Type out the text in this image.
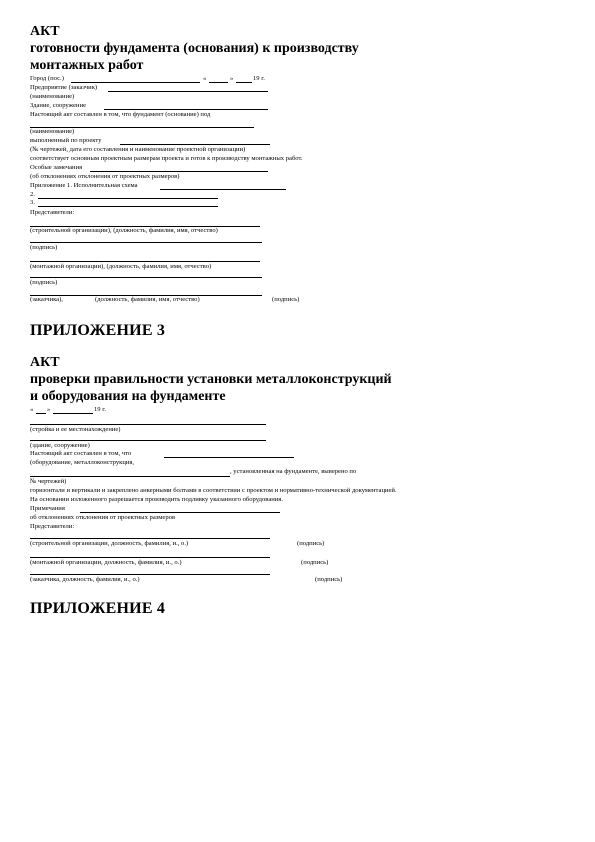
АКТ
готовности фундамента (основания) к производству
монтажных работ
Город (пос.)	«	»	19 г.
Предприятие (заказчик)
(наименование)
Здание, сооружение
Настоящий акт составлен в том, что фундамент (основание) под
(наименование)
выполненный по проекту
(№ чертежей, дата его составления и наименование проектной организации)
соответствует основным проектным размерам проекта и готов к производству монтажных работ.
Особые замечания
(об отклонениях отклонения от проектных размеров)
Приложение 1. Исполнительная схема
2.
3.
Представители:
(строительной организации), (должность, фамилия, имя, отчество)
(подпись)
(монтажной организации), (должность, фамилия, имя, отчество)
(подпись)
(заказчика),	(должность, фамилия, имя, отчество)	(подпись)
ПРИЛОЖЕНИЕ 3
АКТ
проверки правильности установки металлоконструкций
и оборудования на фундаменте
« »	19 г.
(стройка и ее местонахождение)
(здание, сооружение)
Настоящий акт составлен в том, что
(оборудование, металлоконструкция,
, установленная на фундаменте, выверено по
№ чертежей)
горизонтали и вертикали и закреплено анкерными болтами в соответствии с проектом и нормативно-технической документацией.
На основании изложенного разрешается производить подливку указанного оборудования.
Примечания
об отклонениях отклонения от проектных размеров
Представители:
(строительной организации, должность, фамилия, и., о.)	(подпись)
(монтажной организации, должность, фамилия, и., о.)	(подпись)
(заказчика, должность, фамилия, и., о.)	(подпись)
ПРИЛОЖЕНИЕ 4
